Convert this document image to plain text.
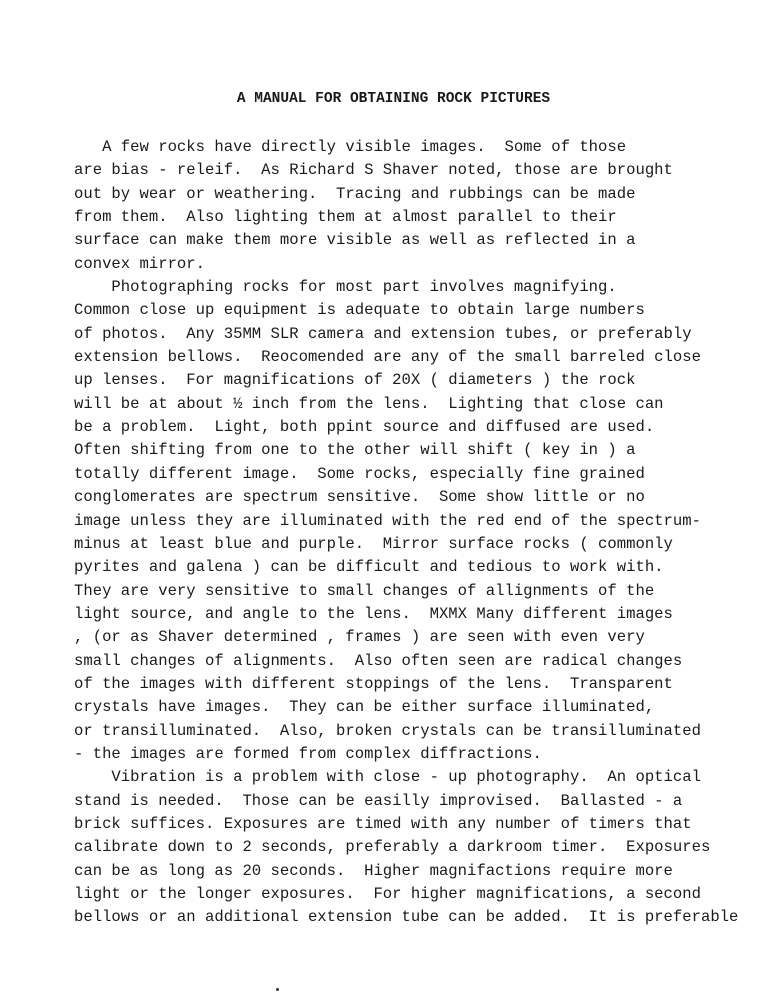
A MANUAL FOR OBTAINING ROCK PICTURES
A few rocks have directly visible images.  Some of those
are bias - releif.  As Richard S Shaver noted, those are brought
out by wear or weathering.  Tracing and rubbings can be made
from them.  Also lighting them at almost parallel to their
surface can make them more visible as well as reflected in a
convex mirror.
Photographing rocks for most part involves magnifying.
Common close up equipment is adequate to obtain large numbers
of photos.  Any 35MM SLR camera and extension tubes, or preferably
extension bellows.  Reocomended are any of the small barreled close
up lenses.  For magnifications of 20X ( diameters ) the rock
will be at about ½ inch from the lens.  Lighting that close can
be a problem.  Light, both ppint source and diffused are used.
Often shifting from one to the other will shift ( key in ) a
totally different image.  Some rocks, especially fine grained
conglomerates are spectrum sensitive.  Some show little or no
image unless they are illuminated with the red end of the spectrum-
minus at least blue and purple.  Mirror surface rocks ( commonly
pyrites and galena ) can be difficult and tedious to work with.
They are very sensitive to small changes of allignments of the
light source, and angle to the lens.  MXMX Many different images
, (or as Shaver determined , frames ) are seen with even very
small changes of alignments.  Also often seen are radical changes
of the images with different stoppings of the lens.  Transparent
crystals have images.  They can be either surface illuminated,
or transilluminated.  Also, broken crystals can be transilluminated
- the images are formed from complex diffractions.
Vibration is a problem with close - up photography.  An optical
stand is needed.  Those can be easilly improvised.  Ballasted - a
brick suffices. Exposures are timed with any number of timers that
calibrate down to 2 seconds, preferably a darkroom timer.  Exposures
can be as long as 20 seconds.  Higher magnifactions require more
light or the longer exposures.  For higher magnifications, a second
bellows or an additional extension tube can be added.  It is preferable
